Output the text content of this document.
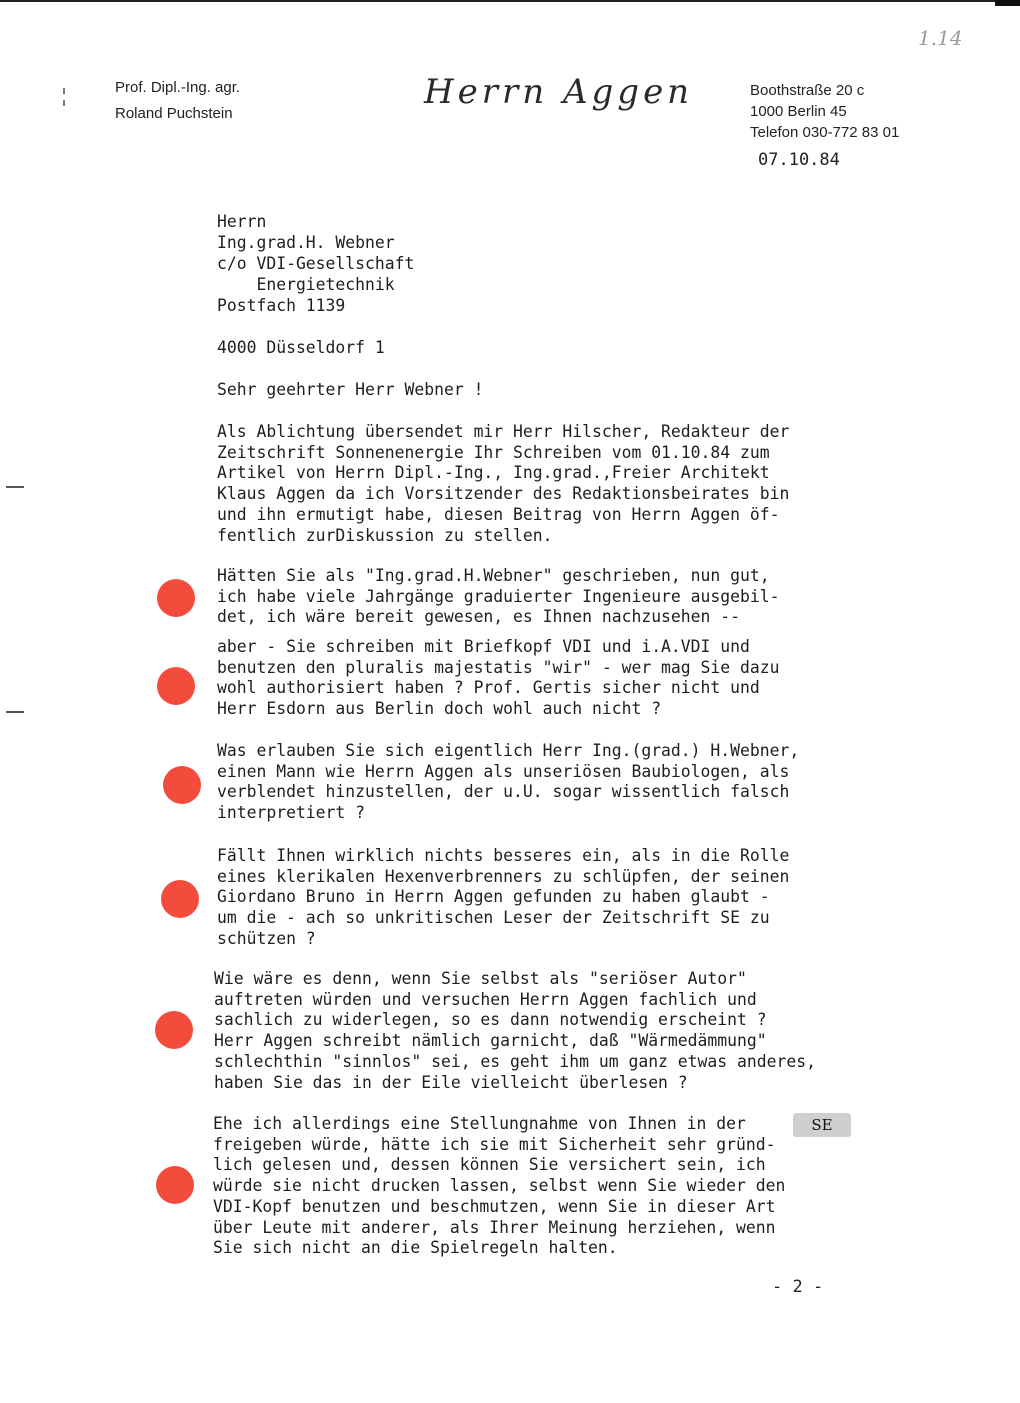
1.14
Prof. Dipl.-Ing. agr.
Roland Puchstein
Herrn Aggen	Boothstraße 20 c
1000 Berlin 45
Telefon 030-772 83 01
07.10.84
Herrn
Ing.grad.H. Webner
c/o VDI-Gesellschaft
Energietechnik
Postfach 1139
4000 Düsseldorf 1
Sehr geehrter Herr Webner !
Als Ablichtung übersendet mir Herr Hilscher, Redakteur der
Zeitschrift Sonnenenergie Ihr Schreiben vom 01.10.84 zum
Artikel von Herrn Dipl.-Ing., Ing.grad.,Freier Architekt
Klaus Aggen da ich Vorsitzender des Redaktionsbeirates bin
und ihn ermutigt habe, diesen Beitrag von Herrn Aggen öf-
fentlich zurDiskussion zu stellen.
Hätten Sie als "Ing.grad.H.Webner" geschrieben, nun gut,
ich habe viele Jahrgänge graduierter Ingenieure ausgebil-
det, ich wäre bereit gewesen, es Ihnen nachzusehen --
aber - Sie schreiben mit Briefkopf VDI und i.A.VDI und
benutzen den pluralis majestatis "wir" - wer mag Sie dazu
wohl authorisiert haben ? Prof. Gertis sicher nicht und
Herr Esdorn aus Berlin doch wohl auch nicht ?
Was erlauben Sie sich eigentlich Herr Ing.(grad.) H.Webner,
einen Mann wie Herrn Aggen als unseriösen Baubiologen, als
verblendet hinzustellen, der u.U. sogar wissentlich falsch
interpretiert ?
Fällt Ihnen wirklich nichts besseres ein, als in die Rolle
eines klerikalen Hexenverbrenners zu schlüpfen, der seinen
Giordano Bruno in Herrn Aggen gefunden zu haben glaubt -
um die - ach so unkritischen Leser der Zeitschrift SE zu
schützen ?
Wie wäre es denn, wenn Sie selbst als "seriöser Autor"
auftreten würden und versuchen Herrn Aggen fachlich und
sachlich zu widerlegen, so es dann notwendig erscheint ?
Herr Aggen schreibt nämlich garnicht, daß "Wärmedämmung"
schlechthin "sinnlos" sei, es geht ihm um ganz etwas anderes,
haben Sie das in der Eile vielleicht überlesen ?
Ehe ich allerdings eine Stellungnahme von Ihnen in der
freigeben würde, hätte ich sie mit Sicherheit sehr gründ-
lich gelesen und, dessen können Sie versichert sein, ich
würde sie nicht drucken lassen, selbst wenn Sie wieder den
VDI-Kopf benutzen und beschmutzen, wenn Sie in dieser Art
über Leute mit anderer, als Ihrer Meinung herziehen, wenn
Sie sich nicht an die Spielregeln halten.
SE
- 2 -
